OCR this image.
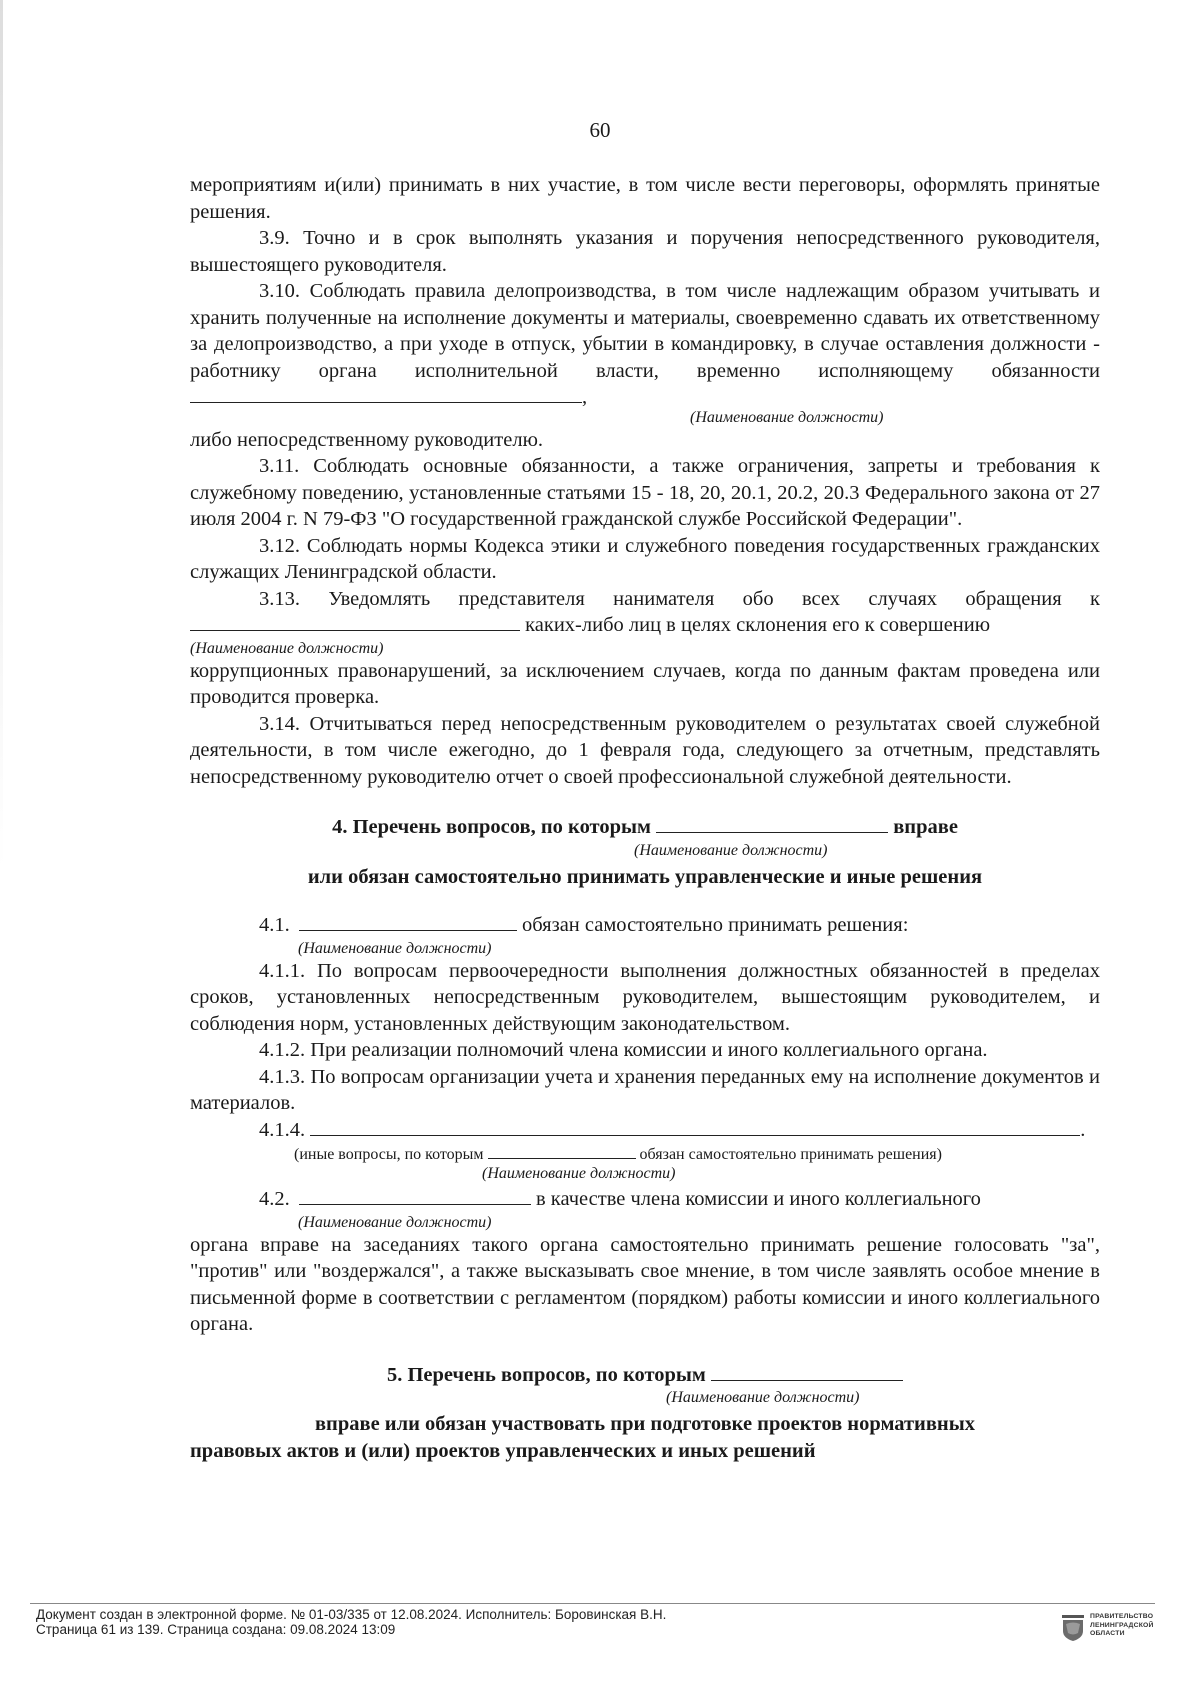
60

мероприятиям и(или) принимать в них участие, в том числе вести переговоры, оформлять принятые решения.

3.9. Точно и в срок выполнять указания и поручения непосредственного руководителя, вышестоящего руководителя.

3.10. Соблюдать правила делопроизводства, в том числе надлежащим образом учитывать и хранить полученные на исполнение документы и материалы, своевременно сдавать их ответственному за делопроизводство, а при уходе в отпуск, убытии в командировку, в случае оставления должности - работнику органа исполнительной власти, временно исполняющему обязанности ,

(Наименование должности)

либо непосредственному руководителю.

3.11. Соблюдать основные обязанности, а также ограничения, запреты и требования к служебному поведению, установленные статьями 15 - 18, 20, 20.1, 20.2, 20.3 Федерального закона от 27 июля 2004 г. N 79-ФЗ "О государственной гражданской службе Российской Федерации".

3.12. Соблюдать нормы Кодекса этики и служебного поведения государственных гражданских служащих Ленинградской области.

3.13. Уведомлять представителя нанимателя обо всех случаях обращения к

каких-либо лиц в целях склонения его к совершению
(Наименование должности)

коррупционных правонарушений, за исключением случаев, когда по данным фактам проведена или проводится проверка.

3.14. Отчитываться перед непосредственным руководителем о результатах своей служебной деятельности, в том числе ежегодно, до 1 февраля года, следующего за отчетным, представлять непосредственному руководителю отчет о своей профессиональной служебной деятельности.

4. Перечень вопросов, по которым	вправе
(Наименование должности)
или обязан самостоятельно принимать управленческие и иные решения
4.1.	обязан самостоятельно принимать решения:
(Наименование должности)

4.1.1. По вопросам первоочередности выполнения должностных обязанностей в пределах сроков, установленных непосредственным руководителем, вышестоящим руководителем, и соблюдения норм, установленных действующим законодательством.

4.1.2. При реализации полномочий члена комиссии и иного коллегиального органа.

4.1.3. По вопросам организации учета и хранения переданных ему на исполнение документов и материалов.

4.1.4.	.
(иные вопросы, по которым	обязан самостоятельно принимать решения)
(Наименование должности)
4.2.	в качестве члена комиссии и иного коллегиального
(Наименование должности)

органа вправе на заседаниях такого органа самостоятельно принимать решение голосовать "за", "против" или "воздержался", а также высказывать свое мнение, в том числе заявлять особое мнение в письменной форме в соответствии с регламентом (порядком) работы комиссии и иного коллегиального органа.

5. Перечень вопросов, по которым
(Наименование должности)
вправе или обязан участвовать при подготовке проектов нормативных
правовых актов и (или) проектов управленческих и иных решений
Документ создан в электронной форме. № 01-03/335 от 12.08.2024. Исполнитель: Боровинская В.Н.
Страница 61 из 139. Страница создана: 09.08.2024 13:09
ПРАВИТЕЛЬСТВО
ЛЕНИНГРАДСКОЙ
ОБЛАСТИ
